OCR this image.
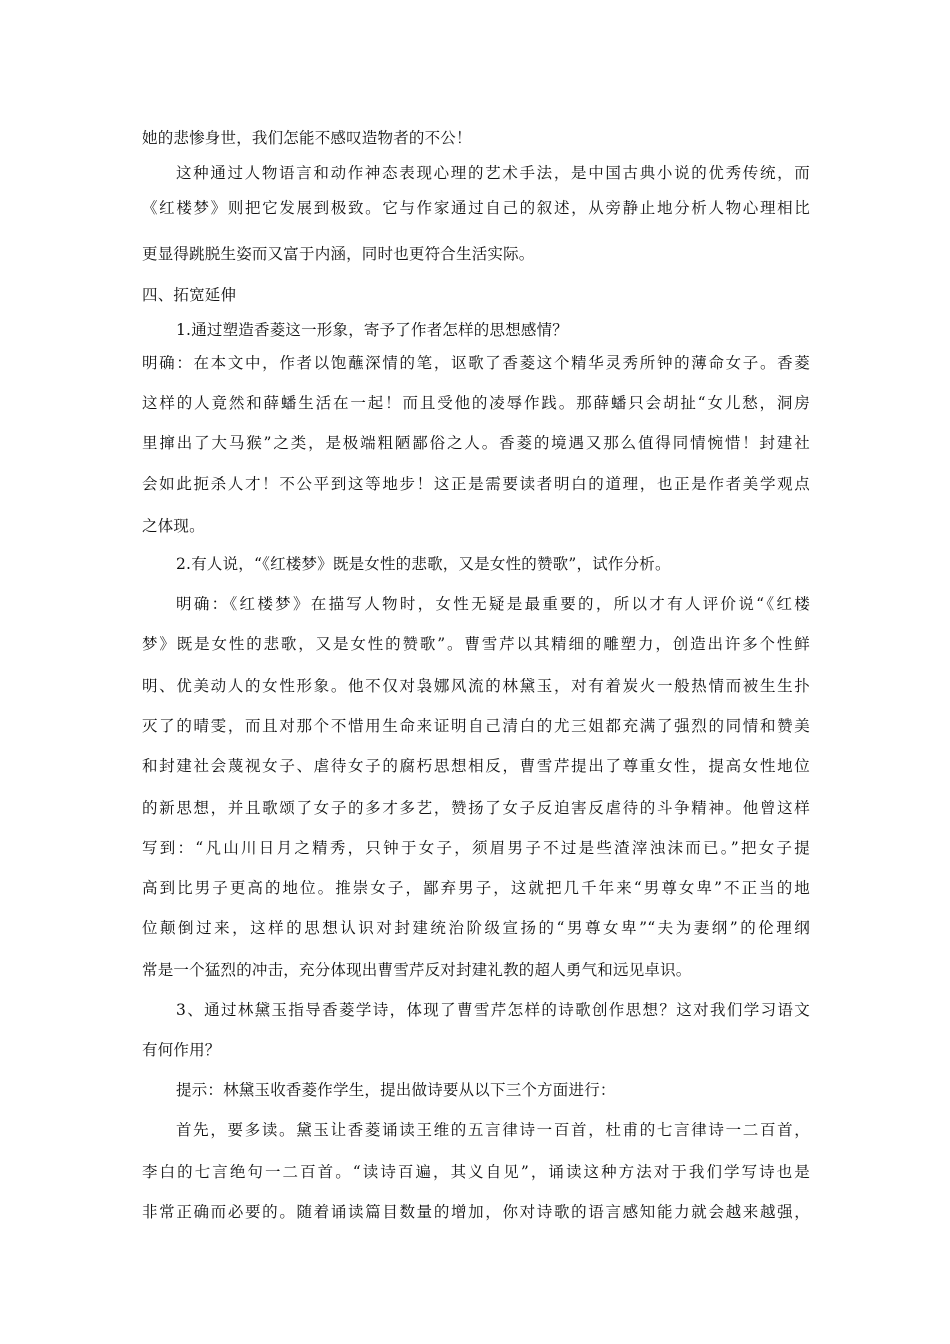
她的悲惨身世，我们怎能不感叹造物者的不公！
这种通过人物语言和动作神态表现心理的艺术手法，是中国古典小说的优秀传统，而
《红楼梦》则把它发展到极致。它与作家通过自己的叙述，从旁静止地分析人物心理相比
更显得跳脱生姿而又富于内涵，同时也更符合生活实际。
四、拓宽延伸
1.通过塑造香菱这一形象，寄予了作者怎样的思想感情？
明确：在本文中，作者以饱蘸深情的笔，讴歌了香菱这个精华灵秀所钟的薄命女子。香菱
这样的人竟然和薛蟠生活在一起！而且受他的凌辱作践。那薛蟠只会胡扯“女儿愁，洞房
里撺出了大马猴”之类，是极端粗陋鄙俗之人。香菱的境遇又那么值得同情惋惜！封建社
会如此扼杀人才！不公平到这等地步！这正是需要读者明白的道理，也正是作者美学观点
之体现。
2.有人说，“《红楼梦》既是女性的悲歌，又是女性的赞歌”，试作分析。
明确：《红楼梦》在描写人物时，女性无疑是最重要的，所以才有人评价说“《红楼
梦》既是女性的悲歌，又是女性的赞歌”。曹雪芹以其精细的雕塑力，创造出许多个性鲜
明、优美动人的女性形象。他不仅对袅娜风流的林黛玉，对有着炭火一般热情而被生生扑
灭了的晴雯，而且对那个不惜用生命来证明自己清白的尤三姐都充满了强烈的同情和赞美
和封建社会蔑视女子、虐待女子的腐朽思想相反，曹雪芹提出了尊重女性，提高女性地位
的新思想，并且歌颂了女子的多才多艺，赞扬了女子反迫害反虐待的斗争精神。他曾这样
写到：“凡山川日月之精秀，只钟于女子，须眉男子不过是些渣滓浊沫而已。”把女子提
高到比男子更高的地位。推崇女子，鄙弃男子，这就把几千年来“男尊女卑”不正当的地
位颠倒过来，这样的思想认识对封建统治阶级宣扬的“男尊女卑”“夫为妻纲”的伦理纲
常是一个猛烈的冲击，充分体现出曹雪芹反对封建礼教的超人勇气和远见卓识。
3、通过林黛玉指导香菱学诗，体现了曹雪芹怎样的诗歌创作思想？这对我们学习语文
有何作用？
提示：林黛玉收香菱作学生，提出做诗要从以下三个方面进行：
首先，要多读。黛玉让香菱诵读王维的五言律诗一百首，杜甫的七言律诗一二百首，
李白的七言绝句一二百首。“读诗百遍，其义自见”，诵读这种方法对于我们学写诗也是
非常正确而必要的。随着诵读篇目数量的增加，你对诗歌的语言感知能力就会越来越强，
